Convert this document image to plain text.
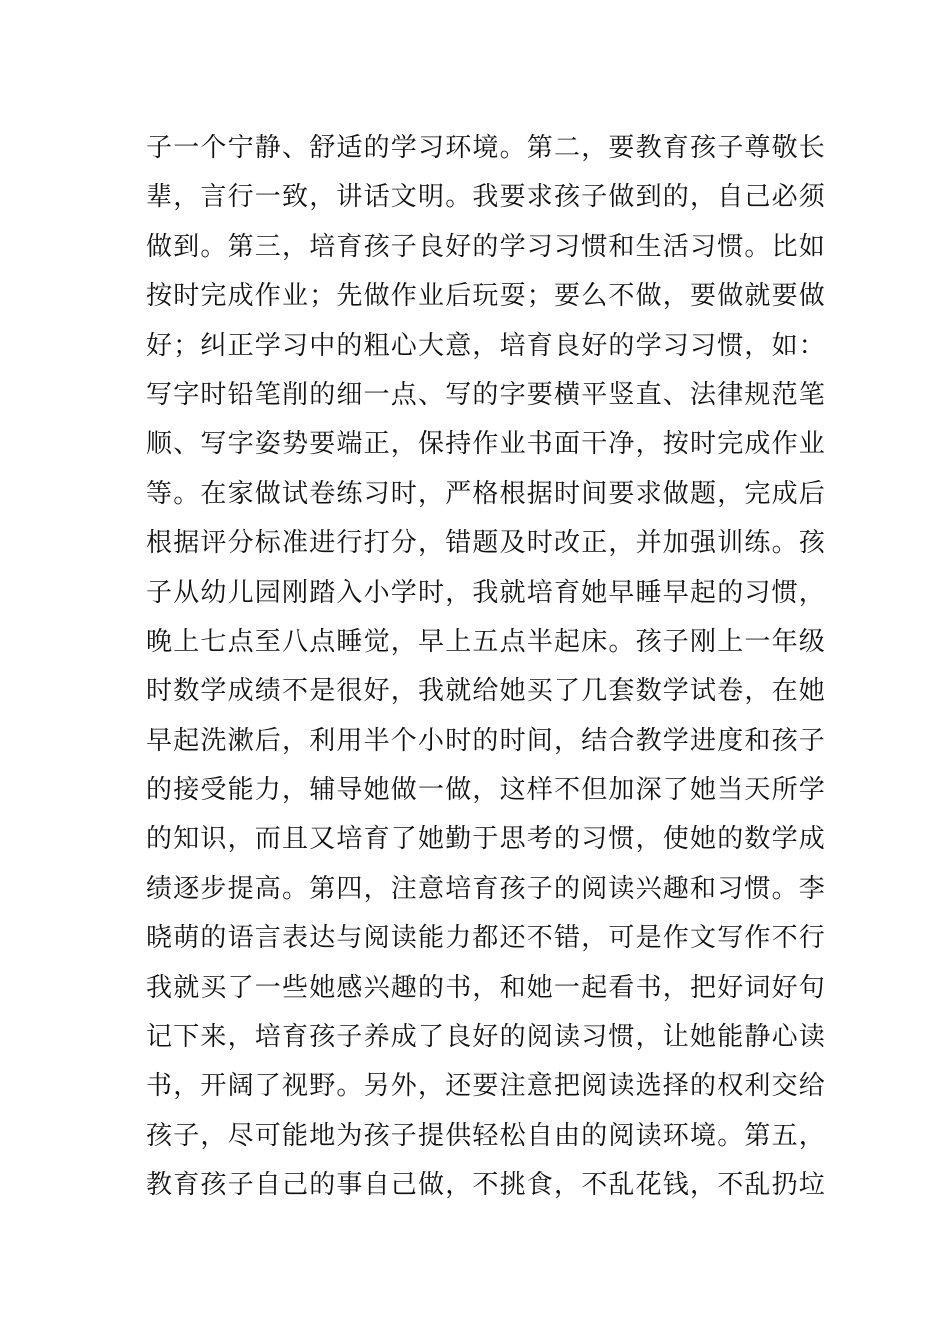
子一个宁静、舒适的学习环境。第二，要教育孩子尊敬长
辈，言行一致，讲话文明。我要求孩子做到的，自己必须
做到。第三，培育孩子良好的学习习惯和生活习惯。比如
按时完成作业；先做作业后玩耍；要么不做，要做就要做
好；纠正学习中的粗心大意，培育良好的学习习惯，如：
写字时铅笔削的细一点、写的字要横平竖直、法律规范笔
顺、写字姿势要端正，保持作业书面干净，按时完成作业
等。在家做试卷练习时，严格根据时间要求做题，完成后
根据评分标准进行打分，错题及时改正，并加强训练。孩
子从幼儿园刚踏入小学时，我就培育她早睡早起的习惯，
晚上七点至八点睡觉，早上五点半起床。孩子刚上一年级
时数学成绩不是很好，我就给她买了几套数学试卷，在她
早起洗漱后，利用半个小时的时间，结合教学进度和孩子
的接受能力，辅导她做一做，这样不但加深了她当天所学
的知识，而且又培育了她勤于思考的习惯，使她的数学成
绩逐步提高。第四，注意培育孩子的阅读兴趣和习惯。李
晓萌的语言表达与阅读能力都还不错，可是作文写作不行
我就买了一些她感兴趣的书，和她一起看书，把好词好句
记下来，培育孩子养成了良好的阅读习惯，让她能静心读
书，开阔了视野。另外，还要注意把阅读选择的权利交给
孩子，尽可能地为孩子提供轻松自由的阅读环境。第五，
教育孩子自己的事自己做，不挑食，不乱花钱，不乱扔垃
